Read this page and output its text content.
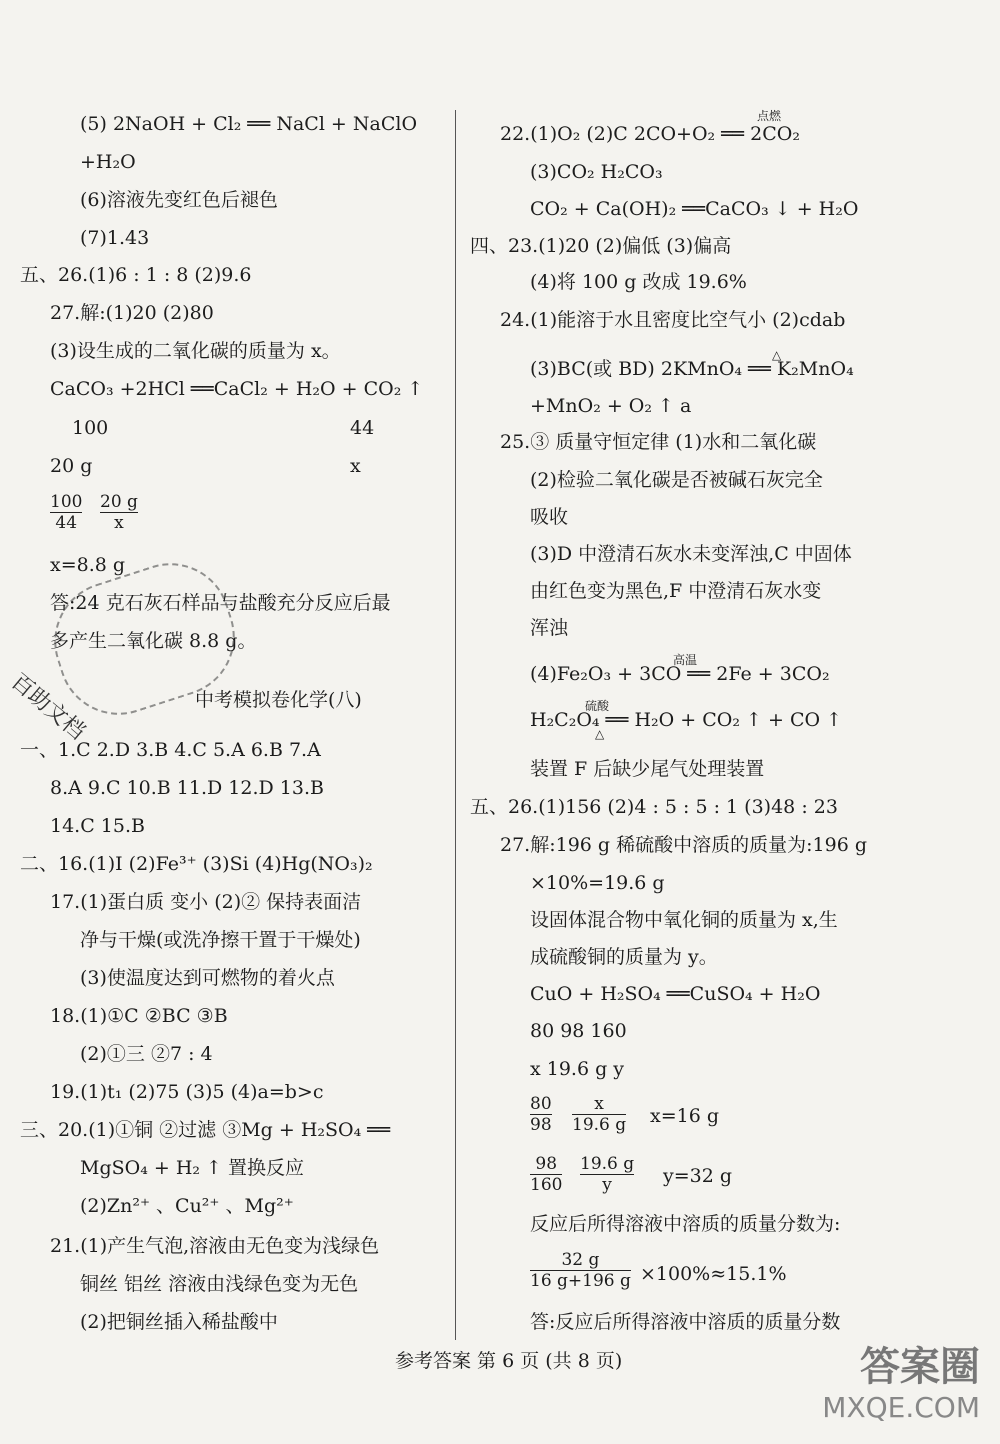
(5) 2NaOH + Cl₂ ══ NaCl + NaClO
+H₂O
(6)溶液先变红色后褪色
(7)1.43
五、26.(1)6 : 1 : 8 (2)9.6
27.解:(1)20 (2)80
(3)设生成的二氧化碳的质量为 x。
CaCO₃ +2HCl ══CaCl₂ + H₂O + CO₂ ↑
100	44
20 g	x
x=8.8 g
答:24 克石灰石样品与盐酸充分反应后最
多产生二氧化碳 8.8 g。
中考模拟卷化学(八)
一、1.C 2.D 3.B 4.C 5.A 6.B 7.A
8.A 9.C 10.B 11.D 12.D 13.B
14.C 15.B
二、16.(1)I (2)Fe³⁺ (3)Si (4)Hg(NO₃)₂
17.(1)蛋白质 变小 (2)② 保持表面洁
净与干燥(或洗净擦干置于干燥处)
(3)使温度达到可燃物的着火点
18.(1)①C ②BC ③B
(2)①三 ②7 : 4
19.(1)t₁ (2)75 (3)5 (4)a=b>c
三、20.(1)①铜 ②过滤 ③Mg + H₂SO₄ ══
MgSO₄ + H₂ ↑ 置换反应
(2)Zn²⁺ 、Cu²⁺ 、Mg²⁺
21.(1)产生气泡,溶液由无色变为浅绿色
铜丝 铝丝 溶液由浅绿色变为无色
(2)把铜丝插入稀盐酸中
22.(1)O₂ (2)C 2CO+O₂ ══ 2CO₂
(3)CO₂ H₂CO₃
CO₂ + Ca(OH)₂ ══CaCO₃ ↓ + H₂O
四、23.(1)20 (2)偏低 (3)偏高
(4)将 100 g 改成 19.6%
24.(1)能溶于水且密度比空气小 (2)cdab
(3)BC(或 BD) 2KMnO₄ ══ K₂MnO₄
+MnO₂ + O₂ ↑ a
25.③ 质量守恒定律 (1)水和二氧化碳
(2)检验二氧化碳是否被碱石灰完全
吸收
(3)D 中澄清石灰水未变浑浊,C 中固体
由红色变为黑色,F 中澄清石灰水变
浑浊
(4)Fe₂O₃ + 3CO ══ 2Fe + 3CO₂
H₂C₂O₄ ══ H₂O + CO₂ ↑ + CO ↑
装置 F 后缺少尾气处理装置
五、26.(1)156 (2)4 : 5 : 5 : 1 (3)48 : 23
27.解:196 g 稀硫酸中溶质的质量为:196 g
×10%=19.6 g
设固体混合物中氧化铜的质量为 x,生
成硫酸铜的质量为 y。
CuO + H₂SO₄ ══CuSO₄ + H₂O
80 98 160
x 19.6 g y
x=16 g
y=32 g
反应后所得溶液中溶质的质量分数为:
×100%≈15.1%
答:反应后所得溶液中溶质的质量分数
100
44
20 g
x
80
98
x
19.6 g
98
160
19.6 g
y
32 g
16 g+196 g
点燃
△
高温
硫酸
△
百助文档
参考答案 第 6 页 (共 8 页)	答案圈
MXQE.COM
